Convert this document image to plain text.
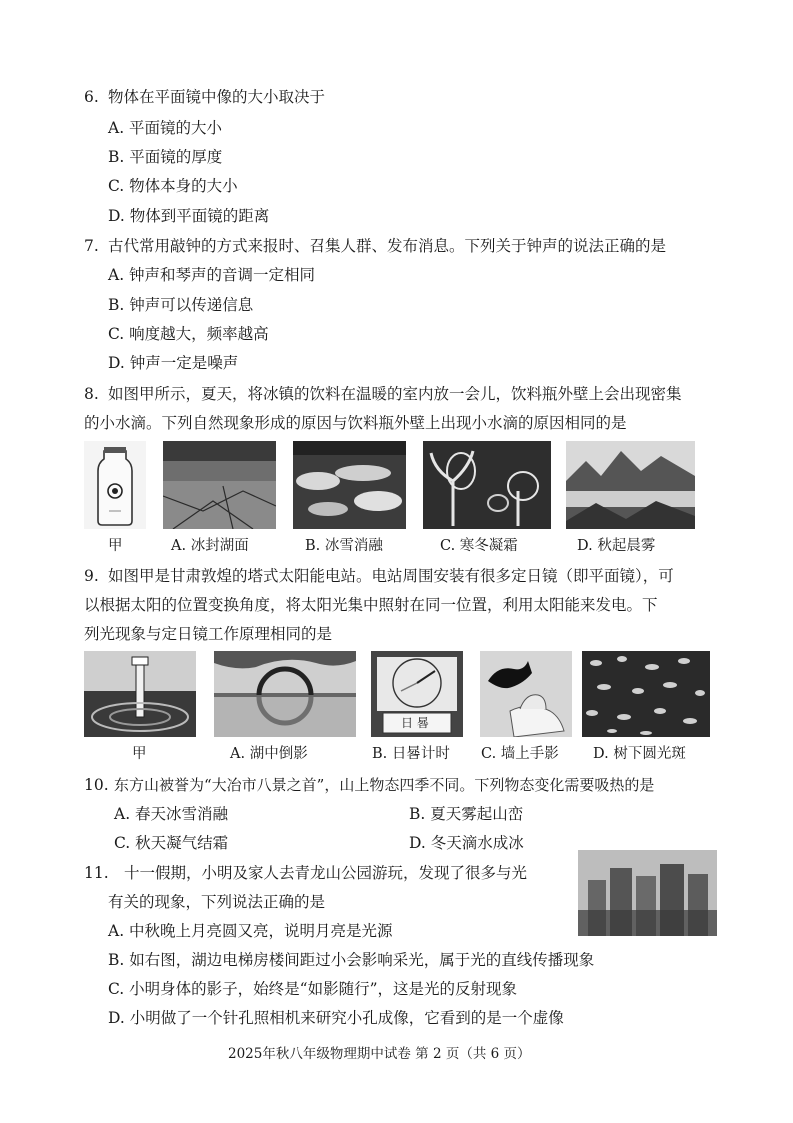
6. 物体在平面镜中像的大小取决于
A. 平面镜的大小
B. 平面镜的厚度
C. 物体本身的大小
D. 物体到平面镜的距离
7. 古代常用敲钟的方式来报时、召集人群、发布消息。下列关于钟声的说法正确的是
A. 钟声和琴声的音调一定相同
B. 钟声可以传递信息
C. 响度越大，频率越高
D. 钟声一定是噪声
8. 如图甲所示，夏天，将冰镇的饮料在温暖的室内放一会儿，饮料瓶外壁上会出现密集
的小水滴。下列自然现象形成的原因与饮料瓶外壁上出现小水滴的原因相同的是
甲	A. 冰封湖面	B. 冰雪消融	C. 寒冬凝霜	D. 秋起晨雾
9. 如图甲是甘肃敦煌的塔式太阳能电站。电站周围安装有很多定日镜（即平面镜），可
以根据太阳的位置变换角度，将太阳光集中照射在同一位置，利用太阳能来发电。下
列光现象与定日镜工作原理相同的是
日 晷
甲	A. 湖中倒影	B. 日晷计时 C. 墙上手影 D. 树下圆光斑
10. 东方山被誉为“大冶市八景之首”，山上物态四季不同。下列物态变化需要吸热的是
A. 春天冰雪消融	B. 夏天雾起山峦
C. 秋天凝气结霜	D. 冬天滴水成冰
11. 十一假期，小明及家人去青龙山公园游玩，发现了很多与光
有关的现象，下列说法正确的是
A. 中秋晚上月亮圆又亮，说明月亮是光源
B. 如右图，湖边电梯房楼间距过小会影响采光，属于光的直线传播现象
C. 小明身体的影子，始终是“如影随行”，这是光的反射现象
D. 小明做了一个针孔照相机来研究小孔成像，它看到的是一个虚像
2025年秋八年级物理期中试卷 第 2 页（共 6 页）
